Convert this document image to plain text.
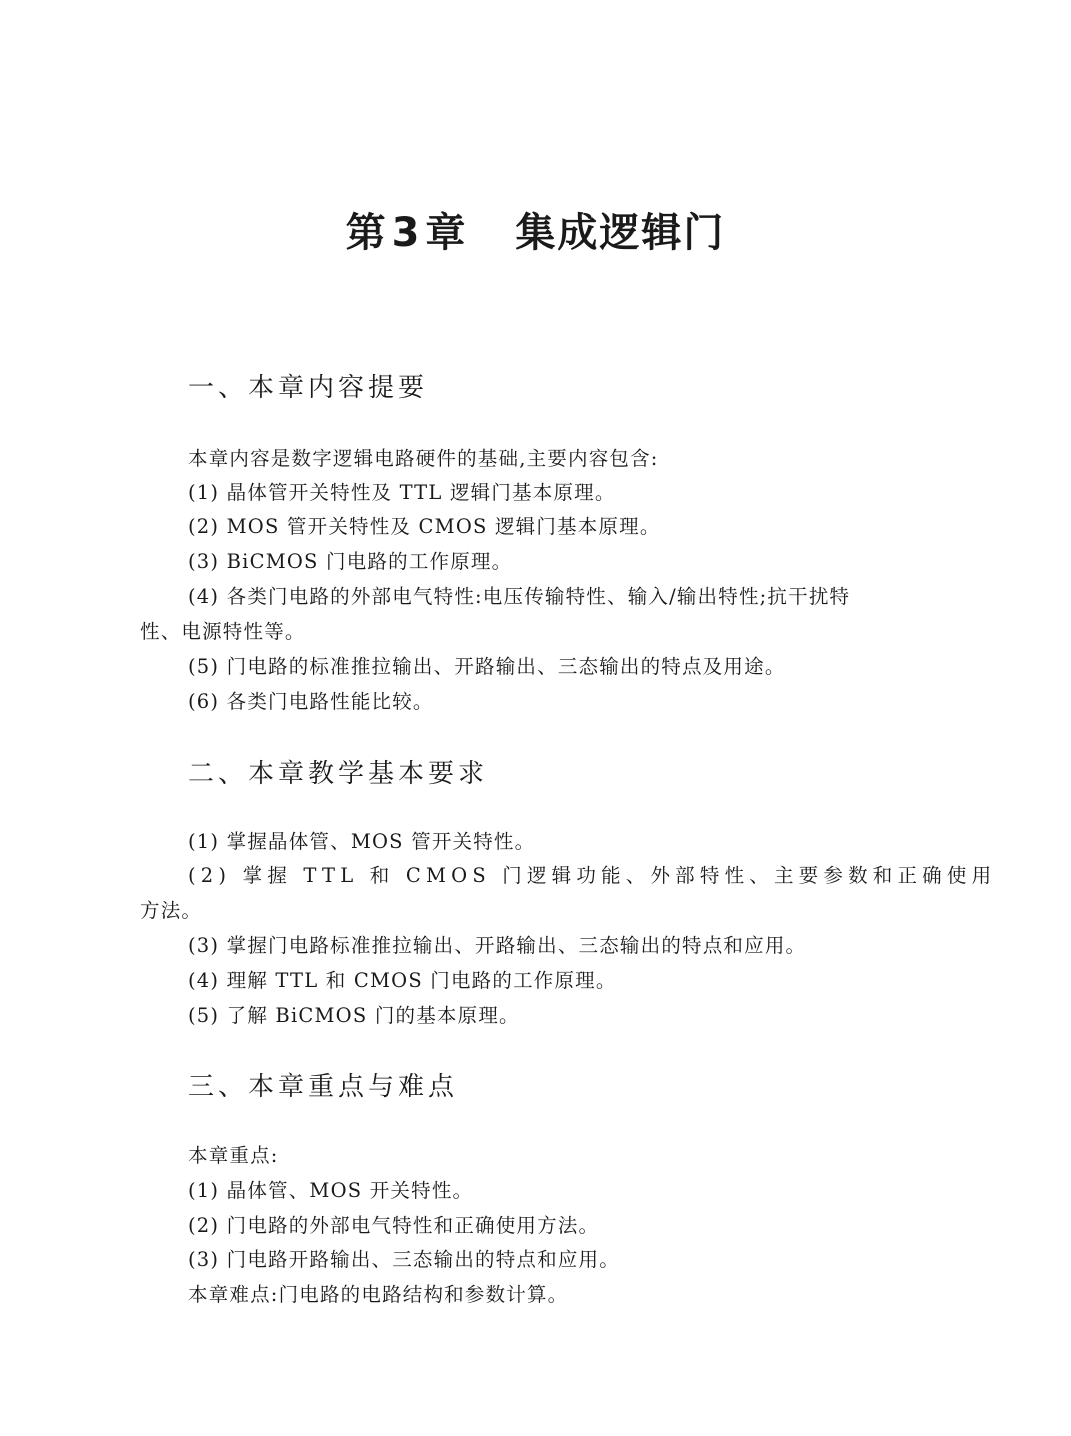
第 3 章 集成逻辑门
一、本章内容提要
本章内容是数字逻辑电路硬件的基础,主要内容包含:
(1) 晶体管开关特性及 TTL 逻辑门基本原理。
(2) MOS 管开关特性及 CMOS 逻辑门基本原理。
(3) BiCMOS 门电路的工作原理。
(4) 各类门电路的外部电气特性:电压传输特性、输入/输出特性;抗干扰特
性、电源特性等。
(5) 门电路的标准推拉输出、开路输出、三态输出的特点及用途。
(6) 各类门电路性能比较。
二、本章教学基本要求
(1) 掌握晶体管、MOS 管开关特性。
(2) 掌握 TTL 和 CMOS 门逻辑功能、外部特性、主要参数和正确使用
方法。
(3) 掌握门电路标准推拉输出、开路输出、三态输出的特点和应用。
(4) 理解 TTL 和 CMOS 门电路的工作原理。
(5) 了解 BiCMOS 门的基本原理。
三、本章重点与难点
本章重点:
(1) 晶体管、MOS 开关特性。
(2) 门电路的外部电气特性和正确使用方法。
(3) 门电路开路输出、三态输出的特点和应用。
本章难点:门电路的电路结构和参数计算。
